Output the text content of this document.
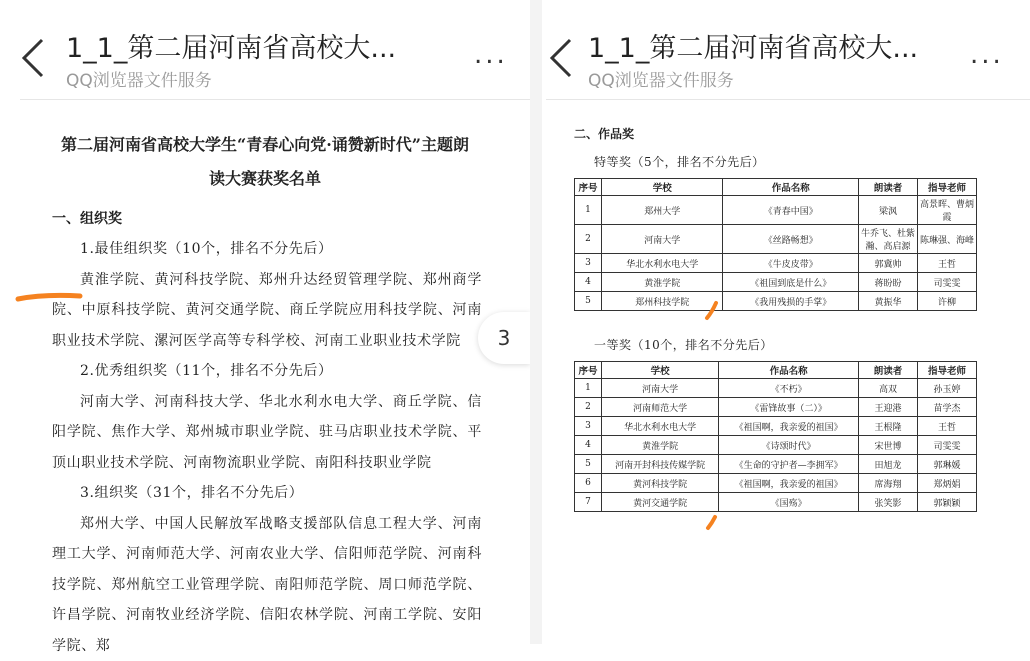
1_1_第二届河南省高校大...
QQ浏览器文件服务
...
第二届河南省高校大学生“青春心向党·诵赞新时代”主题朗
读大赛获奖名单
一、组织奖
1.最佳组织奖（10个，排名不分先后）
黄淮学院、黄河科技学院、郑州升达经贸管理学院、郑州商学院、中原科技学院、黄河交通学院、商丘学院应用科技学院、河南职业技术学院、漯河医学高等专科学校、河南工业职业技术学院
2.优秀组织奖（11个，排名不分先后）
河南大学、河南科技大学、华北水利水电大学、商丘学院、信阳学院、焦作大学、郑州城市职业学院、驻马店职业技术学院、平顶山职业技术学院、河南物流职业学院、南阳科技职业学院
3.组织奖（31个，排名不分先后）
郑州大学、中国人民解放军战略支援部队信息工程大学、河南理工大学、河南师范大学、河南农业大学、信阳师范学院、河南科技学院、郑州航空工业管理学院、南阳师范学院、周口师范学院、许昌学院、河南牧业经济学院、信阳农林学院、河南工学院、安阳学院、郑
3
1_1_第二届河南省高校大...
QQ浏览器文件服务
...
二、作品奖
特等奖（5个，排名不分先后）
序号	学校	作品名称	朗读者	指导老师
1	郑州大学	《青春中国》	梁沨	高景晖、曹炳霞
2	河南大学	《丝路畅想》	牛乔飞、杜紫瀚、高启源	陈琳强、海峰
3	华北水利水电大学	《牛皮皮带》	郭冀帅	王哲
4	黄淮学院	《祖国到底是什么》	蒋盼盼	司雯雯
5	郑州科技学院	《我用残损的手掌》	黄振华	许柳
一等奖（10个，排名不分先后）
序号	学校	作品名称	朗读者	指导老师
1	河南大学	《不朽》	高双	孙玉婷
2	河南师范大学	《雷锋故事（二）》	王迎港	苗学杰
3	华北水利水电大学	《祖国啊，我亲爱的祖国》	王根隆	王哲
4	黄淮学院	《诗颂时代》	宋世博	司雯雯
5	河南开封科技传媒学院	《生命的守护者—李拥军》	田旭龙	郭琳媛
6	黄河科技学院	《祖国啊，我亲爱的祖国》	席海翔	郑炳娟
7	黄河交通学院	《国殇》	张笑影	郭颖颖
